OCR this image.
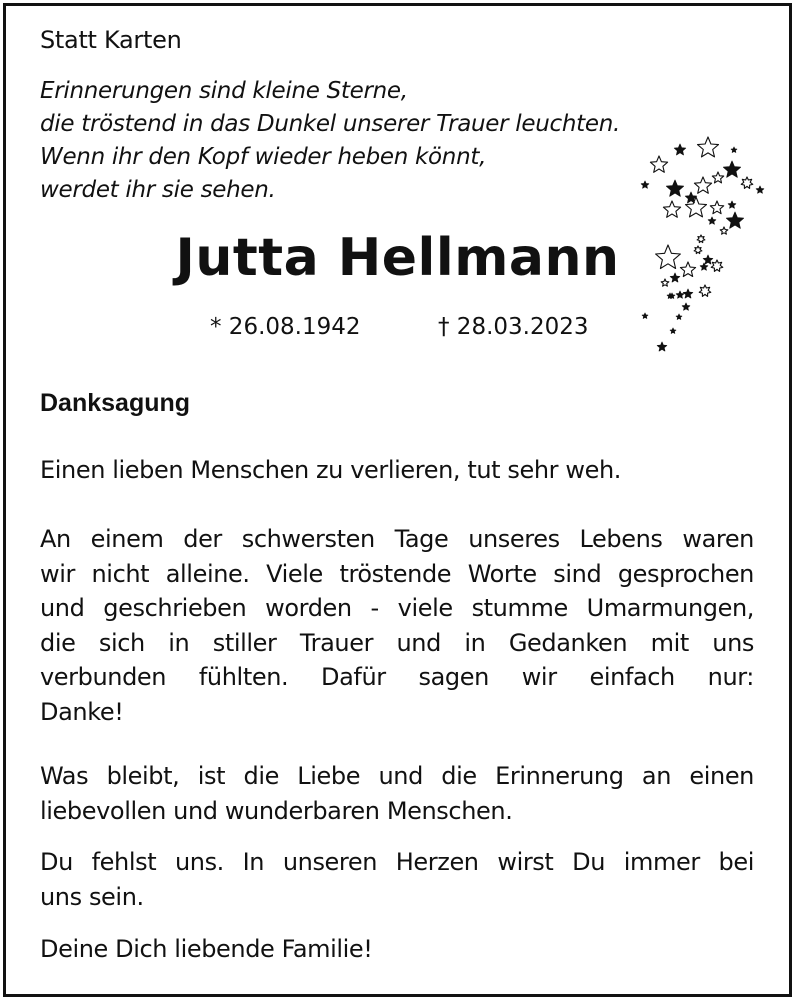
Statt Karten
Erinnerungen sind kleine Sterne,
die tröstend in das Dunkel unserer Trauer leuchten.
Wenn ihr den Kopf wieder heben könnt,
werdet ihr sie sehen.
Jutta Hellmann
* 26.08.1942	† 28.03.2023
Danksagung
Einen lieben Menschen zu verlieren, tut sehr weh.
An einem der schwersten Tage unseres Lebens waren
wir nicht alleine. Viele tröstende Worte sind gesprochen
und geschrieben worden - viele stumme Umarmungen,
die sich in stiller Trauer und in Gedanken mit uns
verbunden fühlten. Dafür sagen wir einfach nur:
Danke!
Was bleibt, ist die Liebe und die Erinnerung an einen
liebevollen und wunderbaren Menschen.
Du fehlst uns. In unseren Herzen wirst Du immer bei
uns sein.
Deine Dich liebende Familie!
